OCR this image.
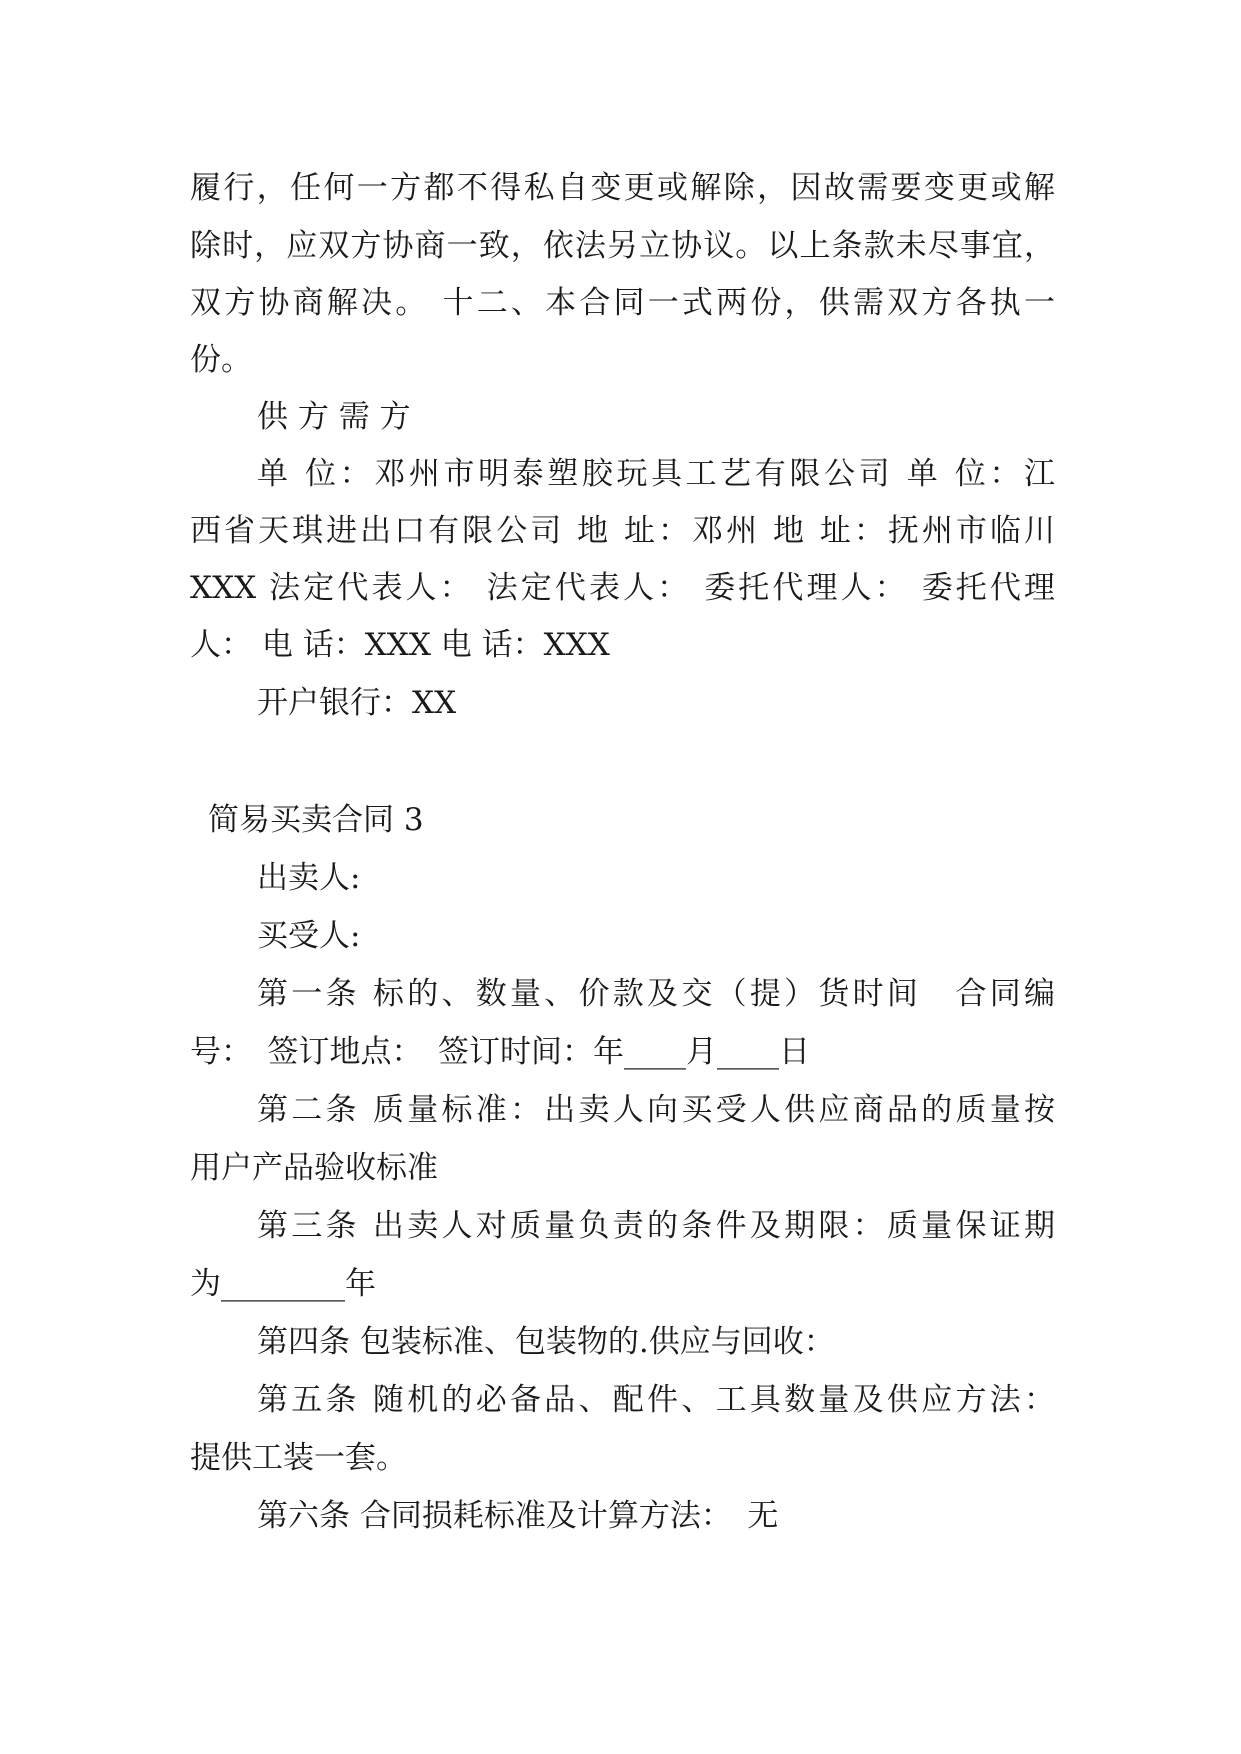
履行，任何一方都不得私自变更或解除，因故需要变更或解

除时，应双方协商一致，依法另立协议。以上条款未尽事宜，

双方协商解决。 十二、本合同一式两份，供需双方各执一

份。

供 方 需 方

单 位：邓州市明泰塑胶玩具工艺有限公司 单 位：江

西省天琪进出口有限公司 地 址：邓州 地 址：抚州市临川

XXX 法定代表人： 法定代表人： 委托代理人： 委托代理

人： 电 话：XXX 电 话：XXX

开户银行：XX

简易买卖合同 3

出卖人:

买受人:

第一条 标的、数量、价款及交（提）货时间　合同编

号：　签订地点：　签订时间：年____月____日

第二条 质量标准：出卖人向买受人供应商品的质量按

用户产品验收标准

第三条 出卖人对质量负责的条件及期限：质量保证期

为________年

第四条 包装标准、包装物的.供应与回收：

第五条 随机的必备品、配件、工具数量及供应方法：

提供工装一套。

第六条 合同损耗标准及计算方法：　无
